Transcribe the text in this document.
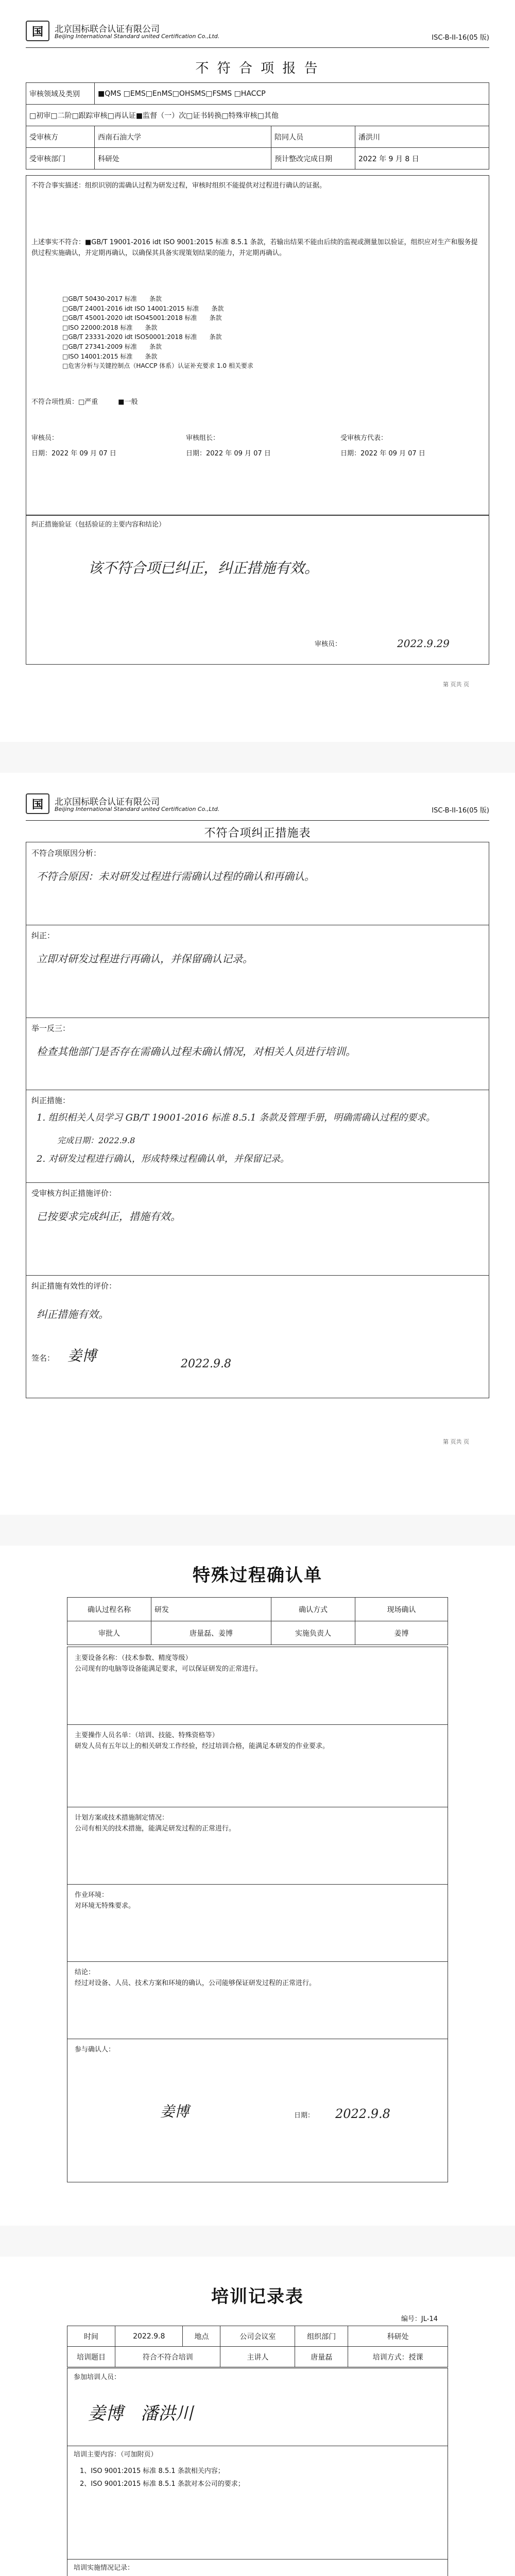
国	北京国标联合认证有限公司
Beijing International Standard united Certification Co.,Ltd.	ISC-B-II-16(05 版)
不 符 合 项 报 告
审核领域及类别	■QMS □EMS□EnMS□OHSMS□FSMS □HACCP		
□初审□二阶□跟踪审核□再认证■监督（一）次□证书转换□特殊审核□其他			
受审核方	西南石油大学	陪同人员	潘洪川
受审核部门	科研处	预计整改完成日期	2022 年 9 月 8 日
不符合事实描述：组织识别的需确认过程为研发过程，审核时组织不能提供对过程进行确认的证据。
上述事实不符合：■GB/T 19001-2016 idt ISO 9001:2015 标准 8.5.1 条款，若输出结果不能由后续的监视或测量加以验证，组织应对生产和服务提供过程实施确认，并定期再确认，以确保其具备实现策划结果的能力，并定期再确认。
□GB/T 50430-2017 标准　　条款
□GB/T 24001-2016 idt ISO 14001:2015 标准　　条款
□GB/T 45001-2020 idt ISO45001:2018 标准　　条款
□ISO 22000:2018 标准　　条款
□GB/T 23331-2020 idt ISO50001:2018 标准　　条款
□GB/T 27341-2009 标准　　条款
□ISO 14001:2015 标准　　条款
□危害分析与关键控制点（HACCP 体系）认证补充要求 1.0 相关要求
不符合项性质：□严重　　　■一般
审核员：
日期：2022 年 09 月 07 日
审核组长：
日期：2022 年 09 月 07 日
受审核方代表：
日期：2022 年 09 月 07 日
纠正措施验证（包括验证的主要内容和结论）
该不符合项已纠正，纠正措施有效。
审核员：	2022.9.29
第 页共 页
国	北京国标联合认证有限公司
Beijing International Standard united Certification Co.,Ltd.	ISC-B-II-16(05 版)
不符合项纠正措施表
不符合项原因分析：
不符合原因：未对研发过程进行需确认过程的确认和再确认。
纠正：
立即对研发过程进行再确认，并保留确认记录。
举一反三：
检查其他部门是否存在需确认过程未确认情况，对相关人员进行培训。
纠正措施：
1. 组织相关人员学习 GB/T 19001-2016 标准 8.5.1 条款及管理手册，明确需确认过程的要求。
2. 对研发过程进行确认，形成特殊过程确认单，并保留记录。
完成日期：2022.9.8
受审核方纠正措施评价：
已按要求完成纠正，措施有效。
纠正措施有效性的评价：
纠正措施有效。
签名： 姜博	2022.9.8
第 页共 页
特殊过程确认单
确认过程名称	研发	确认方式	现场确认
审批人	唐量磊、姜博	实施负责人	姜博
主要设备名称：（技术参数、精度等级）
公司现有的电脑等设备能满足要求，可以保证研发的正常进行。
主要操作人员名单：（培训、技能、特殊资格等）
研发人员有五年以上的相关研发工作经验，经过培训合格，能满足本研发的作业要求。
计划方案或技术措施制定情况：
公司有相关的技术措施，能满足研发过程的正常进行。
作业环境：
对环境无特殊要求。
结论：
经过对设备、人员、技术方案和环境的确认，公司能够保证研发过程的正常进行。
参与确认人：
姜博	日期： 2022.9.8
培训记录表
编号：JL-14
时间	2022.9.8	地点	公司会议室	组织部门	科研处
培训题目	符合不符合培训		主讲人	唐量磊	培训方式：授课
参加培训人员：
姜博　潘洪川
培训主要内容：（可加附页）
1、ISO 9001:2015 标准 8.5.1 条款相关内容；
2、ISO 9001:2015 标准 8.5.1 条款对本公司的要求；
培训实施情况记录：
